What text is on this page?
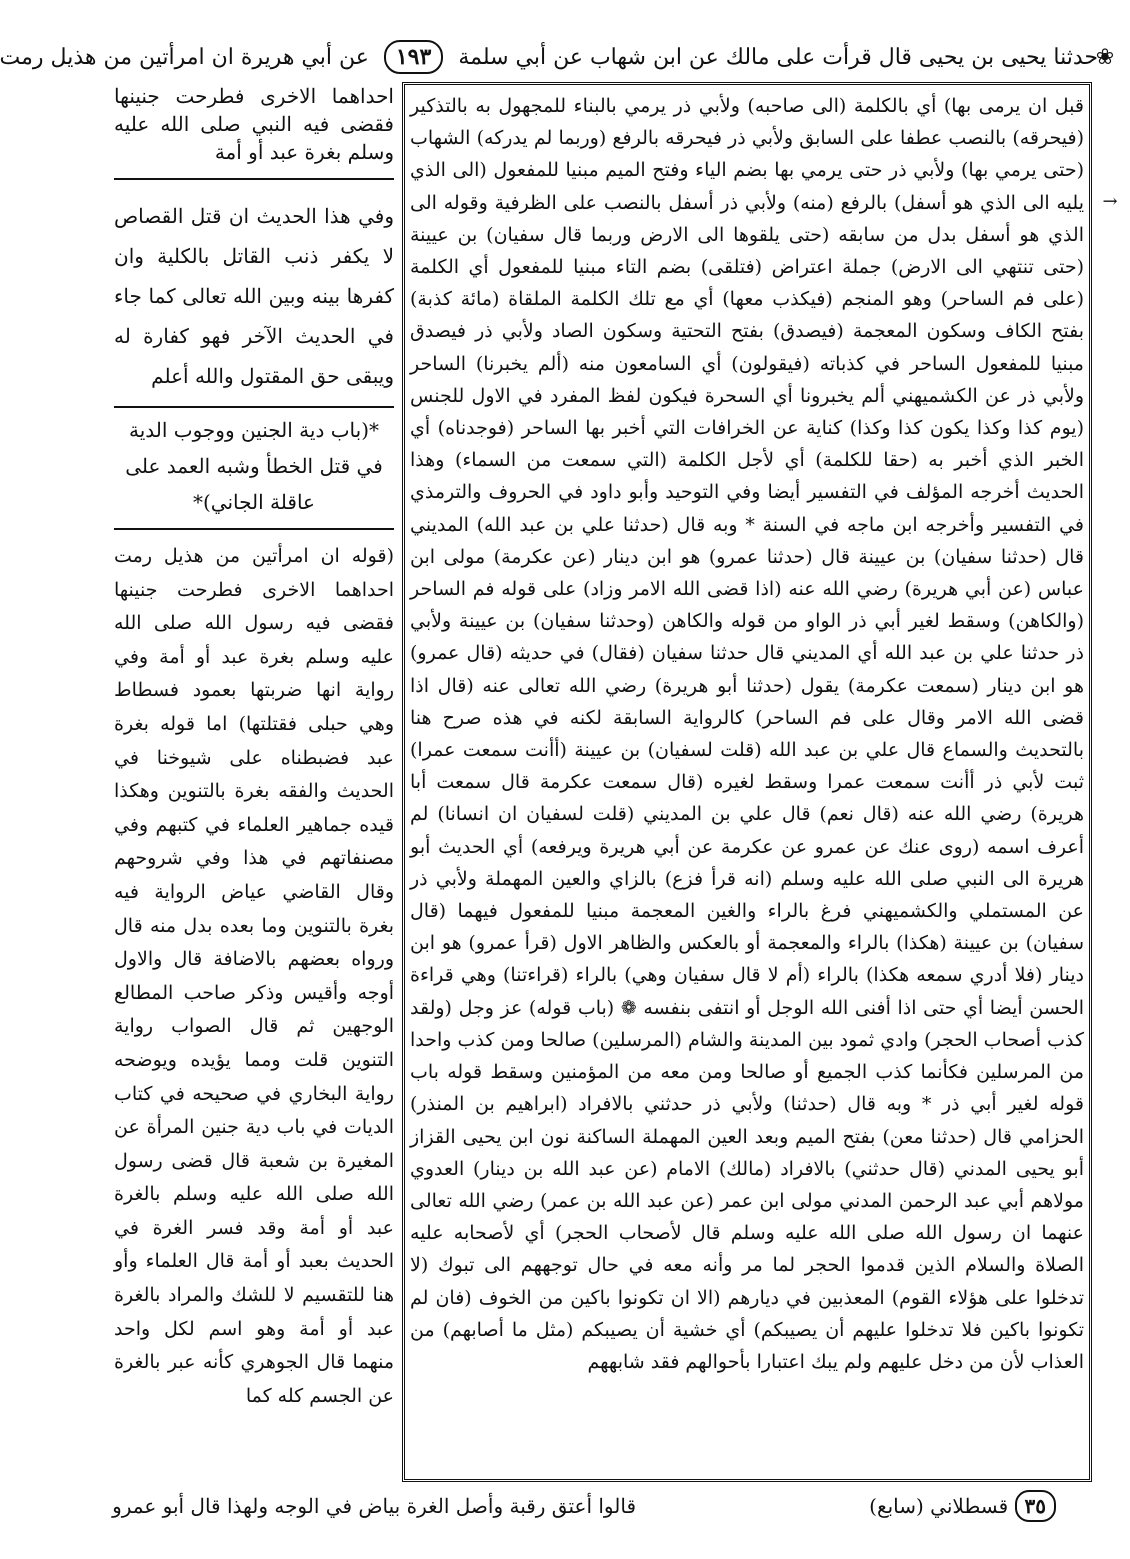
❀
→
حدثنا يحيى بن يحيى قال قرأت على مالك عن ابن شهاب عن أبي سلمة ١٩٣ عن أبي هريرة ان امرأتين من هذيل رمت

قبل ان يرمى بها) أي بالكلمة (الى صاحبه) ولأبي ذر يرمي بالبناء للمجهول به بالتذكير (فيحرقه) بالنصب عطفا على السابق ولأبي ذر فيحرقه بالرفع (وربما لم يدركه) الشهاب (حتى يرمي بها) ولأبي ذر حتى يرمي بها بضم الياء وفتح الميم مبنيا للمفعول (الى الذي يليه الى الذي هو أسفل) بالرفع (منه) ولأبي ذر أسفل بالنصب على الظرفية وقوله الى الذي هو أسفل بدل من سابقه (حتى يلقوها الى الارض وربما قال سفيان) بن عيينة (حتى تنتهي الى الارض) جملة اعتراض (فتلقى) بضم التاء مبنيا للمفعول أي الكلمة (على فم الساحر) وهو المنجم (فيكذب معها) أي مع تلك الكلمة الملقاة (مائة كذبة) بفتح الكاف وسكون المعجمة (فيصدق) بفتح التحتية وسكون الصاد ولأبي ذر فيصدق مبنيا للمفعول الساحر في كذباته (فيقولون) أي السامعون منه (ألم يخبرنا) الساحر ولأبي ذر عن الكشميهني ألم يخبرونا أي السحرة فيكون لفظ المفرد في الاول للجنس (يوم كذا وكذا يكون كذا وكذا) كناية عن الخرافات التي أخبر بها الساحر (فوجدناه) أي الخبر الذي أخبر به (حقا للكلمة) أي لأجل الكلمة (التي سمعت من السماء) وهذا الحديث أخرجه المؤلف في التفسير أيضا وفي التوحيد وأبو داود في الحروف والترمذي في التفسير وأخرجه ابن ماجه في السنة * وبه قال (حدثنا علي بن عبد الله) المديني قال (حدثنا سفيان) بن عيينة قال (حدثنا عمرو) هو ابن دينار (عن عكرمة) مولى ابن عباس (عن أبي هريرة) رضي الله عنه (اذا قضى الله الامر وزاد) على قوله فم الساحر (والكاهن) وسقط لغير أبي ذر الواو من قوله والكاهن (وحدثنا سفيان) بن عيينة ولأبي ذر حدثنا علي بن عبد الله أي المديني قال حدثنا سفيان (فقال) في حديثه (قال عمرو) هو ابن دينار (سمعت عكرمة) يقول (حدثنا أبو هريرة) رضي الله تعالى عنه (قال اذا قضى الله الامر وقال على فم الساحر) كالرواية السابقة لكنه في هذه صرح هنا بالتحديث والسماع قال علي بن عبد الله (قلت لسفيان) بن عيينة (أأنت سمعت عمرا) ثبت لأبي ذر أأنت سمعت عمرا وسقط لغيره (قال سمعت عكرمة قال سمعت أبا هريرة) رضي الله عنه (قال نعم) قال علي بن المديني (قلت لسفيان ان انسانا) لم أعرف اسمه (روى عنك عن عمرو عن عكرمة عن أبي هريرة ويرفعه) أي الحديث أبو هريرة الى النبي صلى الله عليه وسلم (انه قرأ فزع) بالزاي والعين المهملة ولأبي ذر عن المستملي والكشميهني فرغ بالراء والغين المعجمة مبنيا للمفعول فيهما (قال سفيان) بن عيينة (هكذا) بالراء والمعجمة أو بالعكس والظاهر الاول (قرأ عمرو) هو ابن دينار (فلا أدري سمعه هكذا) بالراء (أم لا قال سفيان وهي) بالراء (قراءتنا) وهي قراءة الحسن أيضا أي حتى اذا أفنى الله الوجل أو انتفى بنفسه ❁ (باب قوله) عز وجل (ولقد كذب أصحاب الحجر) وادي ثمود بين المدينة والشام (المرسلين) صالحا ومن كذب واحدا من المرسلين فكأنما كذب الجميع أو صالحا ومن معه من المؤمنين وسقط قوله باب قوله لغير أبي ذر * وبه قال (حدثنا) ولأبي ذر حدثني بالافراد (ابراهيم بن المنذر) الحزامي قال (حدثنا معن) بفتح الميم وبعد العين المهملة الساكنة نون ابن يحيى القزاز أبو يحيى المدني (قال حدثني) بالافراد (مالك) الامام (عن عبد الله بن دينار) العدوي مولاهم أبي عبد الرحمن المدني مولى ابن عمر (عن عبد الله بن عمر) رضي الله تعالى عنهما ان رسول الله صلى الله عليه وسلم قال لأصحاب الحجر) أي لأصحابه عليه الصلاة والسلام الذين قدموا الحجر لما مر وأنه معه في حال توجههم الى تبوك (لا تدخلوا على هؤلاء القوم) المعذبين في ديارهم (الا ان تكونوا باكين من الخوف (فان لم تكونوا باكين فلا تدخلوا عليهم أن يصيبكم) أي خشية أن يصيبكم (مثل ما أصابهم) من العذاب لأن من دخل عليهم ولم يبك اعتبارا بأحوالهم فقد شابههم

احداهما الاخرى فطرحت جنينها فقضى فيه النبي صلى الله عليه وسلم بغرة عبد أو أمة
وفي هذا الحديث ان قتل القصاص لا يكفر ذنب القاتل بالكلية وان كفرها بينه وبين الله تعالى كما جاء في الحديث الآخر فهو كفارة له ويبقى حق المقتول والله أعلم
*(باب دية الجنين ووجوب الدية في قتل الخطأ وشبه العمد على عاقلة الجاني)*
(قوله ان امرأتين من هذيل رمت احداهما الاخرى فطرحت جنينها فقضى فيه رسول الله صلى الله عليه وسلم بغرة عبد أو أمة وفي رواية انها ضربتها بعمود فسطاط وهي حبلى فقتلتها) اما قوله بغرة عبد فضبطناه على شيوخنا في الحديث والفقه بغرة بالتنوين وهكذا قيده جماهير العلماء في كتبهم وفي مصنفاتهم في هذا وفي شروحهم وقال القاضي عياض الرواية فيه بغرة بالتنوين وما بعده بدل منه قال ورواه بعضهم بالاضافة قال والاول أوجه وأقيس وذكر صاحب المطالع الوجهين ثم قال الصواب رواية التنوين قلت ومما يؤيده ويوضحه رواية البخاري في صحيحه في كتاب الديات في باب دية جنين المرأة عن المغيرة بن شعبة قال قضى رسول الله صلى الله عليه وسلم بالغرة عبد أو أمة وقد فسر الغرة في الحديث بعبد أو أمة قال العلماء وأو هنا للتقسيم لا للشك والمراد بالغرة عبد أو أمة وهو اسم لكل واحد منهما قال الجوهري كأنه عبر بالغرة عن الجسم كله كما
قالوا أعتق رقبة وأصل الغرة بياض في الوجه ولهذا قال أبو عمرو	٣٥ قسطلاني (سابع)
